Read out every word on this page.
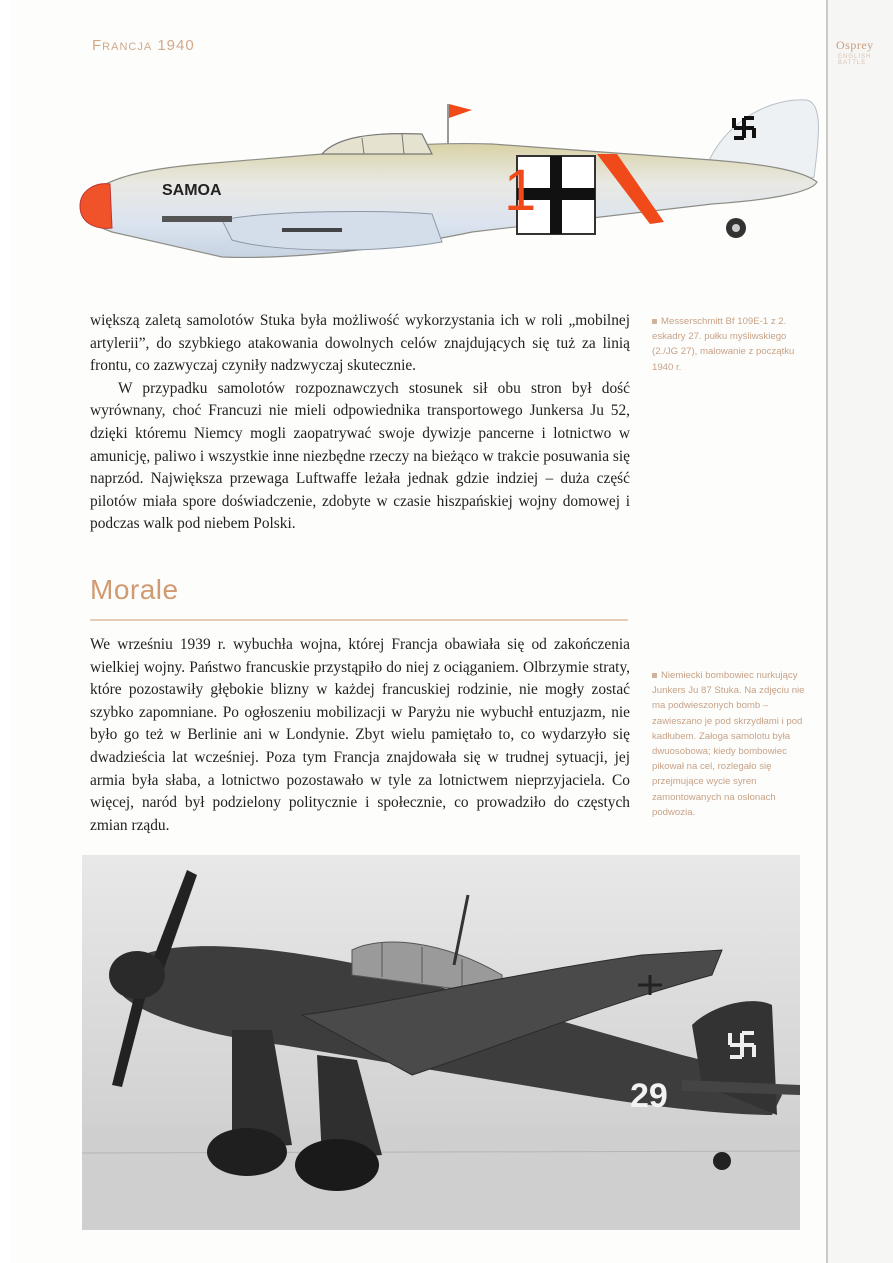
Francja 1940	Osprey
ENGLISH BATTLE
1
SAMOA

większą zaletą samolotów Stuka była możliwość wykorzystania ich w roli „mobilnej artylerii”, do szybkiego atakowania dowolnych celów znajdujących się tuż za linią frontu, co zazwyczaj czyniły nadzwyczaj skutecznie.

W przypadku samolotów rozpoznawczych stosunek sił obu stron był dość wyrównany, choć Francuzi nie mieli odpowiednika transportowego Junkersa Ju 52, dzięki któremu Niemcy mogli zaopatrywać swoje dywizje pancerne i lotnictwo w amunicję, paliwo i wszystkie inne niezbędne rzeczy na bieżąco w trakcie posuwania się naprzód. Największa przewaga Luftwaffe leżała jednak gdzie indziej – duża część pilotów miała spore doświadczenie, zdobyte w czasie hiszpańskiej wojny domowej i podczas walk pod niebem Polski.

Messerschmitt Bf 109E-1 z 2. eskadry 27. pułku myśliwskiego (2./JG 27), malowanie z początku 1940 r.
Morale

We wrześniu 1939 r. wybuchła wojna, której Francja obawiała się od zakończenia wielkiej wojny. Państwo francuskie przystąpiło do niej z ociąganiem. Olbrzymie straty, które pozostawiły głębokie blizny w każdej francuskiej rodzinie, nie mogły zostać szybko zapomniane. Po ogłoszeniu mobilizacji w Paryżu nie wybuchł entuzjazm, nie było go też w Berlinie ani w Londynie. Zbyt wielu pamiętało to, co wydarzyło się dwadzieścia lat wcześniej. Poza tym Francja znajdowała się w trudnej sytuacji, jej armia była słaba, a lotnictwo pozostawało w tyle za lotnictwem nieprzyjaciela. Co więcej, naród był podzielony politycznie i społecznie, co prowadziło do częstych zmian rządu.

Niemiecki bombowiec nurkujący Junkers Ju 87 Stuka. Na zdjęciu nie ma podwieszonych bomb – zawieszano je pod skrzydłami i pod kadłubem. Załoga samolotu była dwuosobowa; kiedy bombowiec pikował na cel, rozlegało się przejmujące wycie syren zamontowanych na osłonach podwozia.
29
